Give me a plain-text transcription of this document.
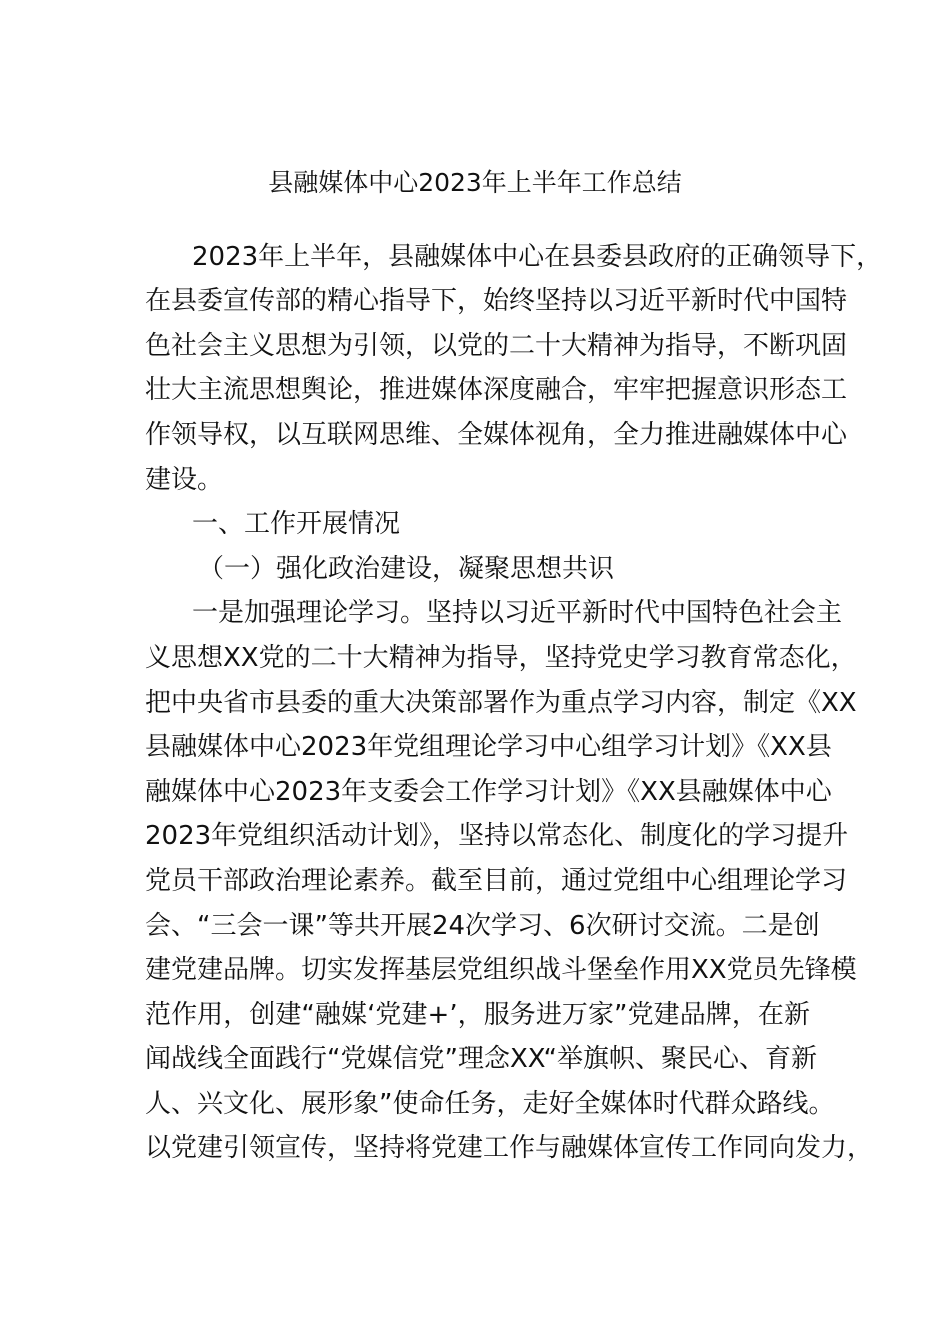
县融媒体中心2023年上半年工作总结
2023年上半年，县融媒体中心在县委县政府的正确领导下，
在县委宣传部的精心指导下，始终坚持以习近平新时代中国特
色社会主义思想为引领，以党的二十大精神为指导，不断巩固
壮大主流思想舆论，推进媒体深度融合，牢牢把握意识形态工
作领导权，以互联网思维、全媒体视角，全力推进融媒体中心
建设。
一、工作开展情况
（一）强化政治建设，凝聚思想共识
一是加强理论学习。坚持以习近平新时代中国特色社会主
义思想XX党的二十大精神为指导，坚持党史学习教育常态化，
把中央省市县委的重大决策部署作为重点学习内容，制定《XX
县融媒体中心2023年党组理论学习中心组学习计划》《XX县
融媒体中心2023年支委会工作学习计划》《XX县融媒体中心
2023年党组织活动计划》，坚持以常态化、制度化的学习提升
党员干部政治理论素养。截至目前，通过党组中心组理论学习
会、“三会一课”等共开展24次学习、6次研讨交流。二是创
建党建品牌。切实发挥基层党组织战斗堡垒作用XX党员先锋模
范作用，创建“融媒‘党建+’，服务进万家”党建品牌，在新
闻战线全面践行“党媒信党”理念XX“举旗帜、聚民心、育新
人、兴文化、展形象”使命任务，走好全媒体时代群众路线。
以党建引领宣传，坚持将党建工作与融媒体宣传工作同向发力，
